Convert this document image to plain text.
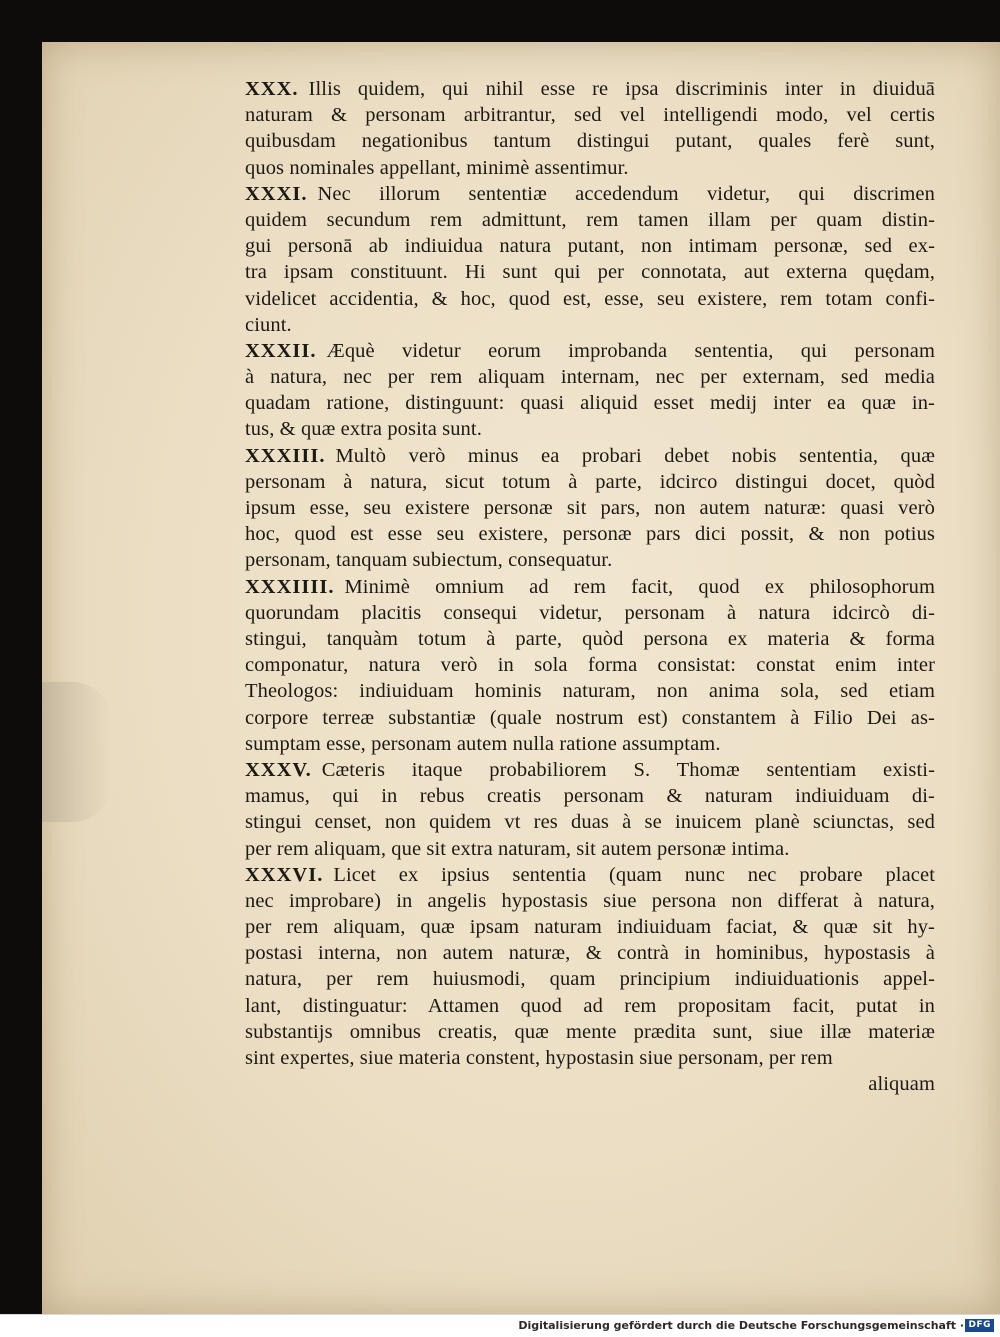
XXX. Illis quidem, qui nihil esse re ipsa discriminis inter in diuiduā
naturam & personam arbitrantur, sed vel intelligendi modo, vel certis
quibusdam negationibus tantum distingui putant, quales ferè sunt,
quos nominales appellant, minimè assentimur.
XXXI. Nec illorum sententiæ accedendum videtur, qui discrimen
quidem secundum rem admittunt, rem tamen illam per quam distin-
gui personā ab indiuidua natura putant, non intimam personæ, sed ex-
tra ipsam constituunt. Hi sunt qui per connotata, aut externa quędam,
videlicet accidentia, & hoc, quod est, esse, seu existere, rem totam confi-
ciunt.
XXXII. Æquè videtur eorum improbanda sententia, qui personam
à natura, nec per rem aliquam internam, nec per externam, sed media
quadam ratione, distinguunt: quasi aliquid esset medij inter ea quæ in-
tus, & quæ extra posita sunt.
XXXIII. Multò verò minus ea probari debet nobis sententia, quæ
personam à natura, sicut totum à parte, idcirco distingui docet, quòd
ipsum esse, seu existere personæ sit pars, non autem naturæ: quasi verò
hoc, quod est esse seu existere, personæ pars dici possit, & non potius
personam, tanquam subiectum, consequatur.
XXXIIII. Minimè omnium ad rem facit, quod ex philosophorum
quorundam placitis consequi videtur, personam à natura idcircò di-
stingui, tanquàm totum à parte, quòd persona ex materia & forma
componatur, natura verò in sola forma consistat: constat enim inter
Theologos: indiuiduam hominis naturam, non anima sola, sed etiam
corpore terreæ substantiæ (quale nostrum est) constantem à Filio Dei as-
sumptam esse, personam autem nulla ratione assumptam.
XXXV. Cæteris itaque probabiliorem S. Thomæ sententiam existi-
mamus, qui in rebus creatis personam & naturam indiuiduam di-
stingui censet, non quidem vt res duas à se inuicem planè sciunctas, sed
per rem aliquam, que sit extra naturam, sit autem personæ intima.
XXXVI. Licet ex ipsius sententia (quam nunc nec probare placet
nec improbare) in angelis hypostasis siue persona non differat à natura,
per rem aliquam, quæ ipsam naturam indiuiduam faciat, & quæ sit hy-
postasi interna, non autem naturæ, & contrà in hominibus, hypostasis à
natura, per rem huiusmodi, quam principium indiuiduationis appel-
lant, distinguatur: Attamen quod ad rem propositam facit, putat in
substantijs omnibus creatis, quæ mente prædita sunt, siue illæ materiæ
sint expertes, siue materia constent, hypostasin siue personam, per rem
aliquam
Digitalisierung gefördert durch die Deutsche Forschungsgemeinschaft · DFG
